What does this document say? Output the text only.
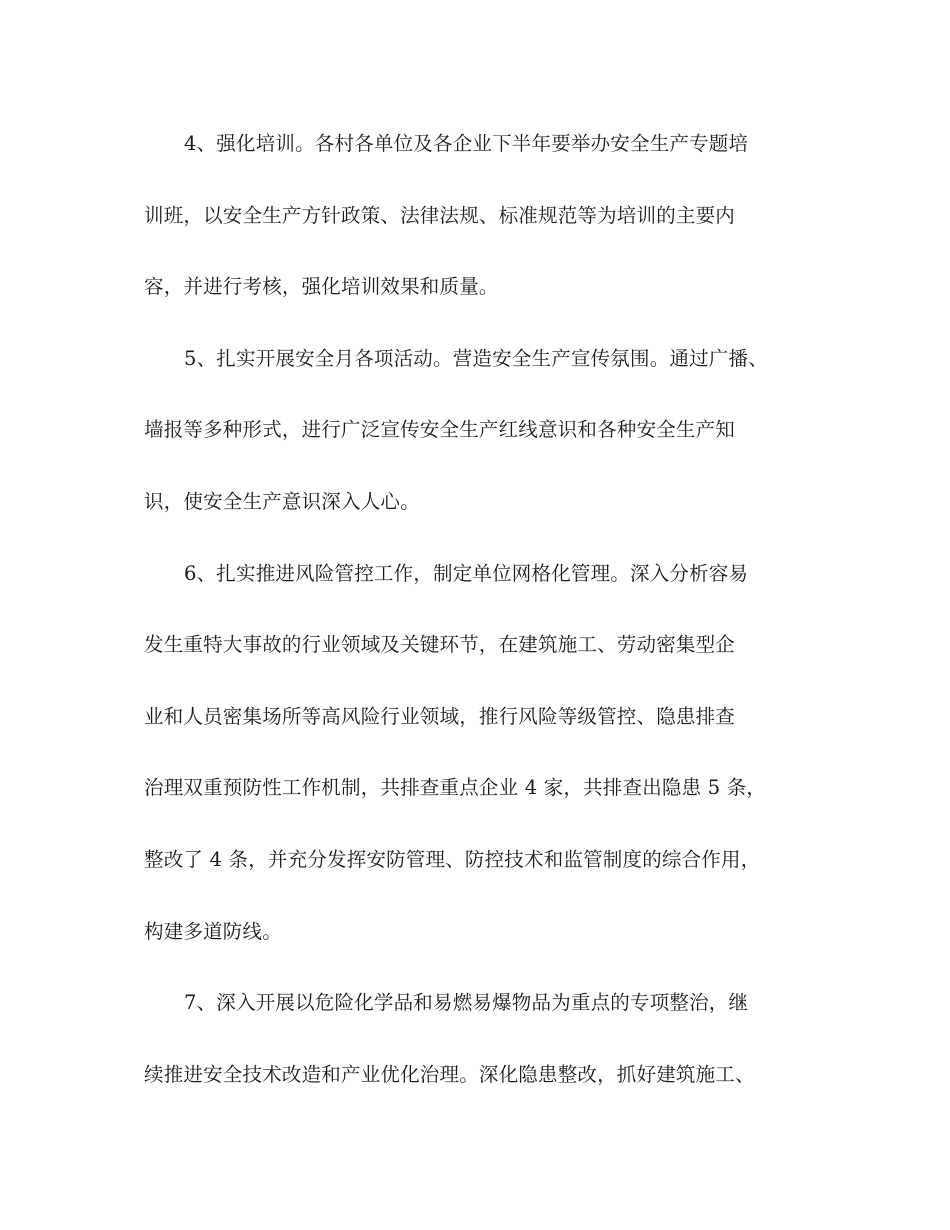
4、强化培训。各村各单位及各企业下半年要举办安全生产专题培
训班，以安全生产方针政策、法律法规、标准规范等为培训的主要内
容，并进行考核，强化培训效果和质量。
5、扎实开展安全月各项活动。营造安全生产宣传氛围。通过广播、
墙报等多种形式，进行广泛宣传安全生产红线意识和各种安全生产知
识，使安全生产意识深入人心。
6、扎实推进风险管控工作，制定单位网格化管理。深入分析容易
发生重特大事故的行业领域及关键环节，在建筑施工、劳动密集型企
业和人员密集场所等高风险行业领域，推行风险等级管控、隐患排查
治理双重预防性工作机制，共排查重点企业 4 家，共排查出隐患 5 条，
整改了 4 条，并充分发挥安防管理、防控技术和监管制度的综合作用，
构建多道防线。
7、深入开展以危险化学品和易燃易爆物品为重点的专项整治，继
续推进安全技术改造和产业优化治理。深化隐患整改，抓好建筑施工、
